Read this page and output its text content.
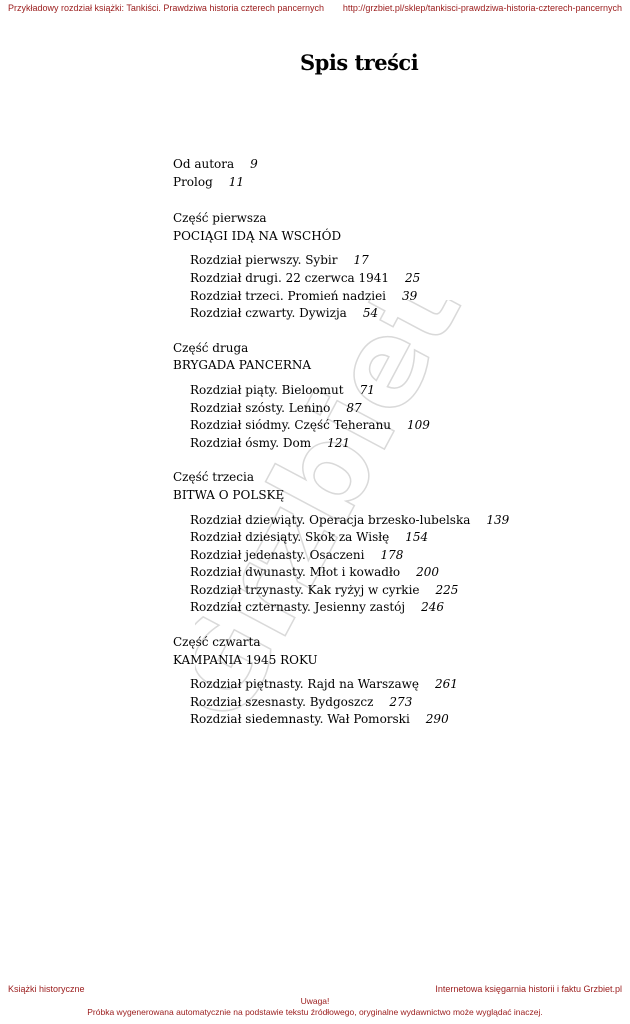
Przykładowy rozdział książki: Tankiści. Prawdziwa historia czterech pancernych http://grzbiet.pl/sklep/tankisci-prawdziwa-historia-czterech-pancernych
Grzbiet.pl
Spis treści
Od autora 9
Prolog 11
Część pierwsza
POCIĄGI IDĄ NA WSCHÓD
Rozdział pierwszy. Sybir 17
Rozdział drugi. 22 czerwca 1941 25
Rozdział trzeci. Promień nadziei 39
Rozdział czwarty. Dywizja 54
Część druga
BRYGADA PANCERNA
Rozdział piąty. Bieloomut 71
Rozdział szósty. Lenino 87
Rozdział siódmy. Część Teheranu 109
Rozdział ósmy. Dom 121
Część trzecia
BITWA O POLSKĘ
Rozdział dziewiąty. Operacja brzesko-lubelska 139
Rozdział dziesiąty. Skok za Wisłę 154
Rozdział jedenasty. Osaczeni 178
Rozdział dwunasty. Młot i kowadło 200
Rozdział trzynasty. Kak ryżyj w cyrkie 225
Rozdział czternasty. Jesienny zastój 246
Część czwarta
KAMPANIA 1945 ROKU
Rozdział piętnasty. Rajd na Warszawę 261
Rozdział szesnasty. Bydgoszcz 273
Rozdział siedemnasty. Wał Pomorski 290
Książki historyczne	Internetowa księgarnia historii i faktu Grzbiet.pl
Uwaga!
Próbka wygenerowana automatycznie na podstawie tekstu źródłowego, oryginalne wydawnictwo może wyglądać inaczej.
